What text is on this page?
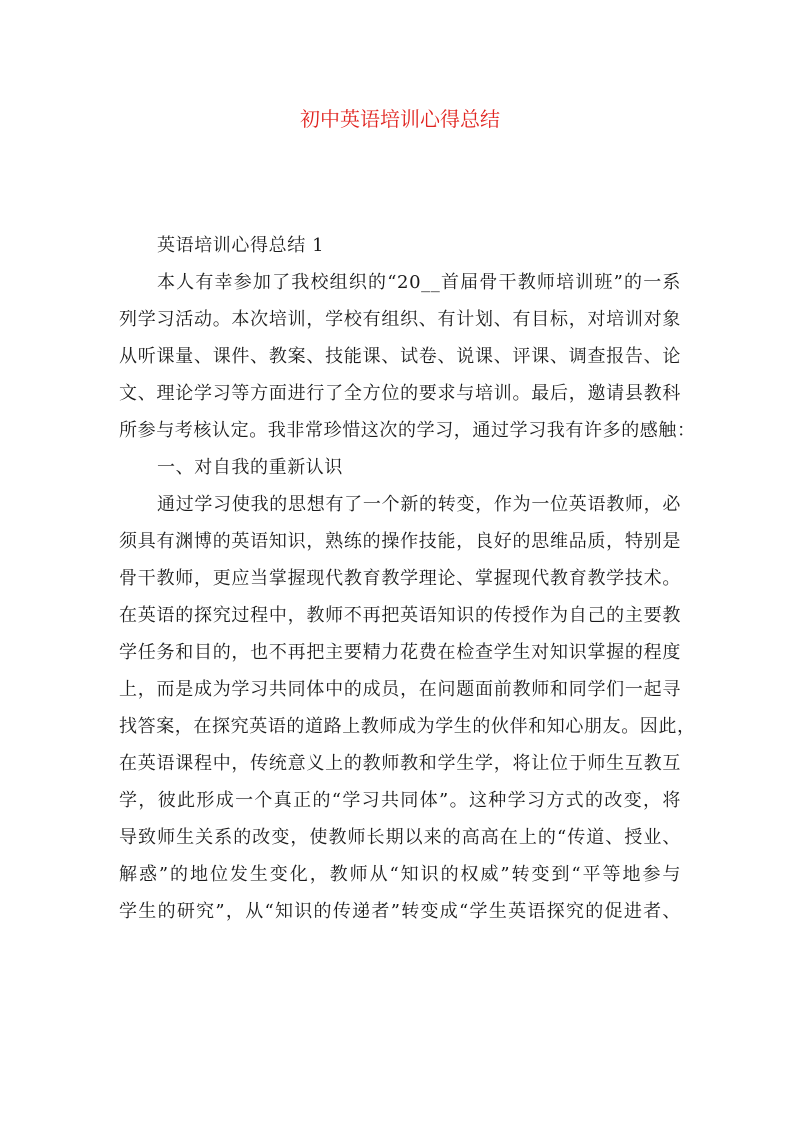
初中英语培训心得总结
英语培训心得总结 1
本人有幸参加了我校组织的“20__首届骨干教师培训班”的一系
列学习活动。本次培训，学校有组织、有计划、有目标，对培训对象
从听课量、课件、教案、技能课、试卷、说课、评课、调查报告、论
文、理论学习等方面进行了全方位的要求与培训。最后，邀请县教科
所参与考核认定。我非常珍惜这次的学习，通过学习我有许多的感触：
一、对自我的重新认识
通过学习使我的思想有了一个新的转变，作为一位英语教师，必
须具有渊博的英语知识，熟练的操作技能，良好的思维品质，特别是
骨干教师，更应当掌握现代教育教学理论、掌握现代教育教学技术。
在英语的探究过程中，教师不再把英语知识的传授作为自己的主要教
学任务和目的，也不再把主要精力花费在检查学生对知识掌握的程度
上，而是成为学习共同体中的成员，在问题面前教师和同学们一起寻
找答案，在探究英语的道路上教师成为学生的伙伴和知心朋友。因此，
在英语课程中，传统意义上的教师教和学生学，将让位于师生互教互
学，彼此形成一个真正的“学习共同体”。这种学习方式的改变，将
导致师生关系的改变，使教师长期以来的高高在上的“传道、授业、
解惑”的地位发生变化，教师从“知识的权威”转变到“平等地参与
学生的研究”，从“知识的传递者”转变成“学生英语探究的促进者、
